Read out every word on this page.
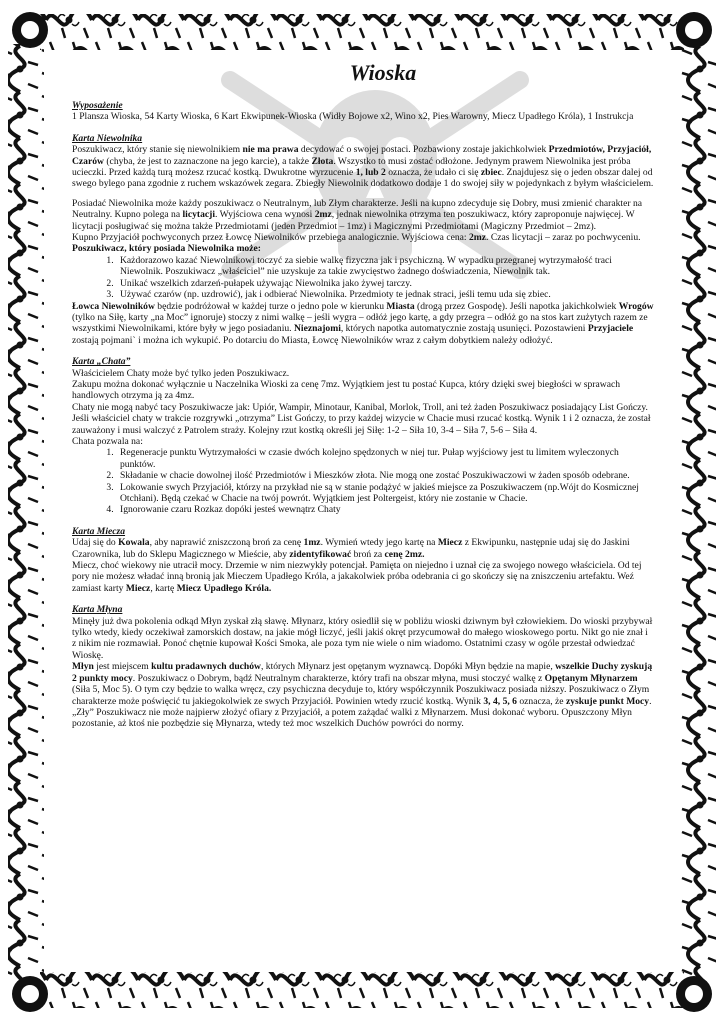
Wioska

Wyposażenie

1 Plansza Wioska, 54 Karty Wioska, 6 Kart Ekwipunek-Wioska (Widły Bojowe x2, Wino x2, Pies Warowny, Miecz Upadłego Króla), 1 Instrukcja

Karta Niewolnika

Poszukiwacz, który stanie się niewolnikiem nie ma prawa decydować o swojej postaci. Pozbawiony zostaje jakichkolwiek Przedmiotów, Przyjaciół, Czarów (chyba, że jest to zaznaczone na jego karcie), a także Złota. Wszystko to musi zostać odłożone. Jedynym prawem Niewolnika jest próba ucieczki. Przed każdą turą możesz rzucać kostką. Dwukrotne wyrzucenie 1, lub 2 oznacza, że udało ci się zbiec. Znajdujesz się o jeden obszar dalej od swego bylego pana zgodnie z ruchem wskazówek zegara. Zbiegły Niewolnik dodatkowo dodaje 1 do swojej siły w pojedynkach z byłym właścicielem.

Posiadać Niewolnika może każdy poszukiwacz o Neutralnym, lub Złym charakterze. Jeśli na kupno zdecyduje się Dobry, musi zmienić charakter na Neutralny. Kupno polega na licytacji. Wyjściowa cena wynosi 2mz, jednak niewolnika otrzyma ten poszukiwacz, który zaproponuje najwięcej. W licytacji posługiwać się można także Przedmiotami (jeden Przedmiot – 1mz) i Magicznymi Przedmiotami (Magiczny Przedmiot – 2mz).

Kupno Przyjaciół pochwyconych przez Łowcę Niewolników przebiega analogicznie. Wyjściowa cena: 2mz. Czas licytacji – zaraz po pochwyceniu.

Poszukiwacz, który posiada Niewolnika może:

1. Każdorazowo kazać Niewolnikowi toczyć za siebie walkę fizyczna jak i psychiczną. W wypadku przegranej wytrzymałość traci Niewolnik. Poszukiwacz „właściciel” nie uzyskuje za takie zwycięstwo żadnego doświadczenia, Niewolnik tak.
2. Unikać wszelkich zdarzeń-pułapek używając Niewolnika jako żywej tarczy.
3. Używać czarów (np. uzdrowić), jak i odbierać Niewolnika. Przedmioty te jednak straci, jeśli temu uda się zbiec.

Łowca Niewolników będzie podróżował w każdej turze o jedno pole w kierunku Miasta (drogą przez Gospodę). Jeśli napotka jakichkolwiek Wrogów (tylko na Siłę, karty „na Moc” ignoruje) stoczy z nimi walkę – jeśli wygra – odłóż jego kartę, a gdy przegra – odłóż go na stos kart zużytych razem ze wszystkimi Niewolnikami, które były w jego posiadaniu. Nieznajomi, których napotka automatycznie zostają usunięci. Pozostawieni Przyjaciele zostają pojmani` i można ich wykupić. Po dotarciu do Miasta, Łowcę Niewolników wraz z całym dobytkiem należy odłożyć.

Karta „Chata”

Właścicielem Chaty może być tylko jeden Poszukiwacz.

Zakupu można dokonać wyłącznie u Naczelnika Wioski za cenę 7mz. Wyjątkiem jest tu postać Kupca, który dzięki swej biegłości w sprawach handlowych otrzyma ją za 4mz.

Chaty nie mogą nabyć tacy Poszukiwacze jak: Upiór, Wampir, Minotaur, Kanibal, Morlok, Troll, ani też żaden Poszukiwacz posiadający List Gończy. Jeśli właściciel chaty w trakcie rozgrywki „otrzyma” List Gończy, to przy każdej wizycie w Chacie musi rzucać kostką. Wynik 1 i 2 oznacza, że został zauważony i musi walczyć z Patrolem straży. Kolejny rzut kostką określi jej Siłę: 1-2 – Siła 10, 3-4 – Siła 7, 5-6 – Siła 4.

Chata pozwala na:

1. Regeneracje punktu Wytrzymałości w czasie dwóch kolejno spędzonych w niej tur. Pułap wyjściowy jest tu limitem wyleczonych punktów.
2. Składanie w chacie dowolnej ilość Przedmiotów i Mieszków złota. Nie mogą one zostać Poszukiwaczowi w żaden sposób odebrane.
3. Lokowanie swych Przyjaciół, którzy na przykład nie są w stanie podążyć w jakieś miejsce za Poszukiwaczem (np.Wójt do Kosmicznej Otchłani). Będą czekać w Chacie na twój powrót. Wyjątkiem jest Poltergeist, który nie zostanie w Chacie.
4. Ignorowanie czaru Rozkaz dopóki jesteś wewnątrz Chaty

Karta Miecza

Udaj się do Kowala, aby naprawić zniszczoną broń za cenę 1mz. Wymień wtedy jego kartę na Miecz z Ekwipunku, następnie udaj się do Jaskini Czarownika, lub do Sklepu Magicznego w Mieście, aby zidentyfikować broń za cenę 2mz.

Miecz, choć wiekowy nie utracił mocy. Drzemie w nim niezwykły potencjał. Pamięta on niejedno i uznał cię za swojego nowego właściciela. Od tej pory nie możesz władać inną bronią jak Mieczem Upadłego Króla, a jakakolwiek próba odebrania ci go skończy się na zniszczeniu artefaktu. Weź zamiast karty Miecz, kartę Miecz Upadłego Króla.

Karta Młyna

Minęły już dwa pokolenia odkąd Młyn zyskał złą sławę. Młynarz, który osiedlił się w pobliżu wioski dziwnym był człowiekiem. Do wioski przybywał tylko wtedy, kiedy oczekiwał zamorskich dostaw, na jakie mógł liczyć, jeśli jakiś okręt przycumował do małego wioskowego portu. Nikt go nie znał i z nikim nie rozmawiał. Ponoć chętnie kupował Kości Smoka, ale poza tym nie wiele o nim wiadomo. Ostatnimi czasy w ogóle przestał odwiedzać Wioskę.

Młyn jest miejscem kultu pradawnych duchów, których Młynarz jest opętanym wyznawcą. Dopóki Młyn będzie na mapie, wszelkie Duchy zyskują 2 punkty mocy. Poszukiwacz o Dobrym, bądź Neutralnym charakterze, który trafi na obszar młyna, musi stoczyć walkę z Opętanym Młynarzem (Siła 5, Moc 5). O tym czy będzie to walka wręcz, czy psychiczna decyduje to, który współczynnik Poszukiwacz posiada niższy. Poszukiwacz o Złym charakterze może poświęcić tu jakiegokolwiek ze swych Przyjaciół. Powinien wtedy rzucić kostką. Wynik 3, 4, 5, 6 oznacza, że zyskuje punkt Mocy. „Zły” Poszukiwacz nie może najpierw złożyć ofiary z Przyjaciół, a potem zażądać walki z Młynarzem. Musi dokonać wyboru. Opuszczony Młyn pozostanie, aż ktoś nie pozbędzie się Młynarza, wtedy też moc wszelkich Duchów powróci do normy.
